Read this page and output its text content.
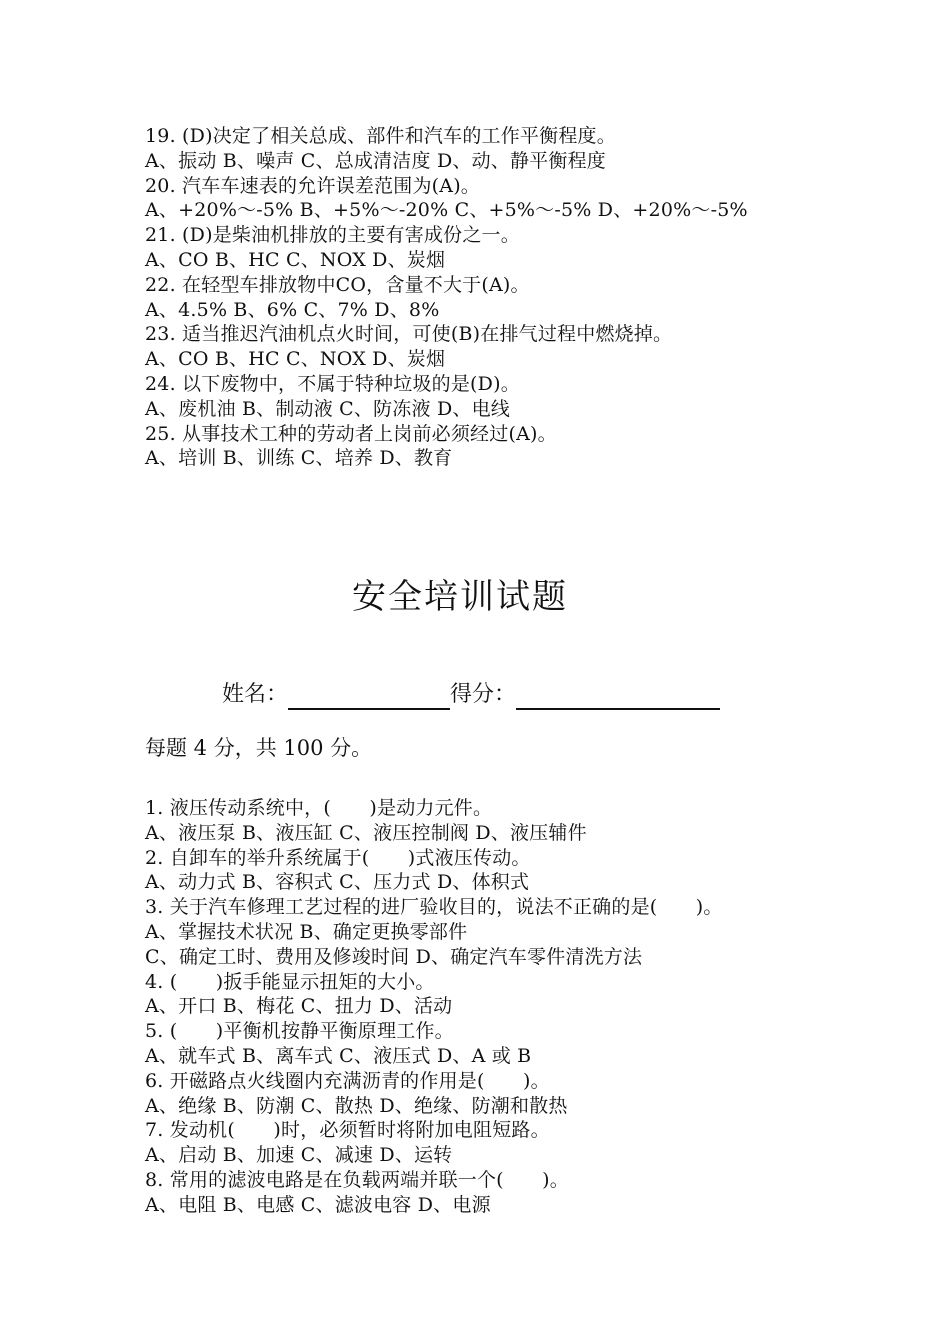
19. (D)决定了相关总成、部件和汽车的工作平衡程度。
A、振动 B、噪声 C、总成清洁度 D、动、静平衡程度
20. 汽车车速表的允许误差范围为(A)。
A、+20%～-5% B、+5%～-20% C、+5%～-5% D、+20%～-5%
21. (D)是柴油机排放的主要有害成份之一。
A、CO B、HC C、NOX D、炭烟
22. 在轻型车排放物中CO，含量不大于(A)。
A、4.5% B、6% C、7% D、8%
23. 适当推迟汽油机点火时间，可使(B)在排气过程中燃烧掉。
A、CO B、HC C、NOX D、炭烟
24. 以下废物中，不属于特种垃圾的是(D)。
A、废机油 B、制动液 C、防冻液 D、电线
25. 从事技术工种的劳动者上岗前必须经过(A)。
A、培训 B、训练 C、培养 D、教育
安全培训试题
姓名：	得分：
每题 4 分，共 100 分。
1. 液压传动系统中，(　　)是动力元件。
A、液压泵 B、液压缸 C、液压控制阀 D、液压辅件
2. 自卸车的举升系统属于(　　)式液压传动。
A、动力式 B、容积式 C、压力式 D、体积式
3. 关于汽车修理工艺过程的进厂验收目的，说法不正确的是(　　)。
A、掌握技术状况 B、确定更换零部件
C、确定工时、费用及修竣时间 D、确定汽车零件清洗方法
4. (　　)扳手能显示扭矩的大小。
A、开口 B、梅花 C、扭力 D、活动
5. (　　)平衡机按静平衡原理工作。
A、就车式 B、离车式 C、液压式 D、A 或 B
6. 开磁路点火线圈内充满沥青的作用是(　　)。
A、绝缘 B、防潮 C、散热 D、绝缘、防潮和散热
7. 发动机(　　)时，必须暂时将附加电阻短路。
A、启动 B、加速 C、减速 D、运转
8. 常用的滤波电路是在负载两端并联一个(　　)。
A、电阻 B、电感 C、滤波电容 D、电源
